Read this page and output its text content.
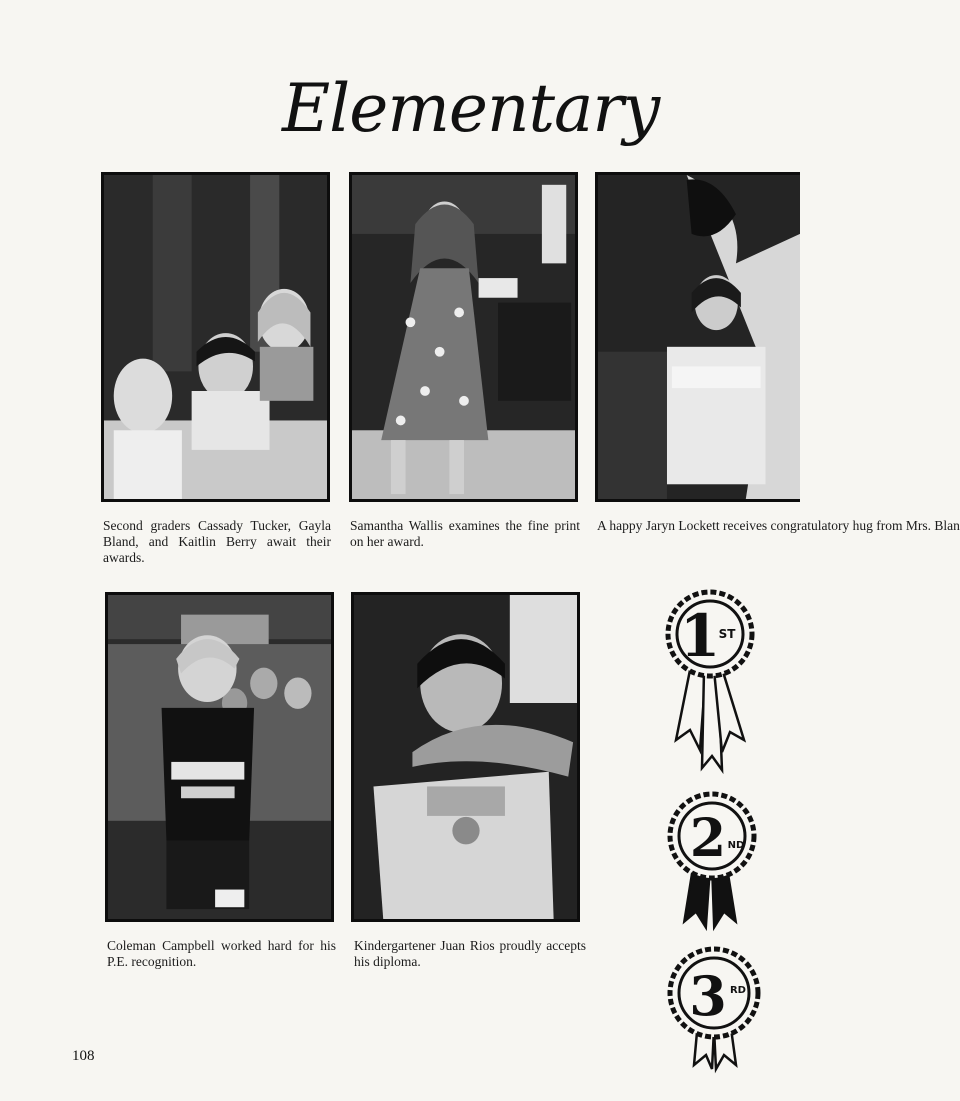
Elementary
Second graders Cassady Tucker, Gayla Bland, and Kaitlin Berry await their awards.
Samantha Wallis examines the fine print on her award.
A happy Jaryn Lockett receives congratulatory hug from Mrs. Blan
Coleman Campbell worked hard for his P.E. recognition.
Kindergartener Juan Rios proudly accepts his diploma.
1
ST
2 ND
3 RD
108
